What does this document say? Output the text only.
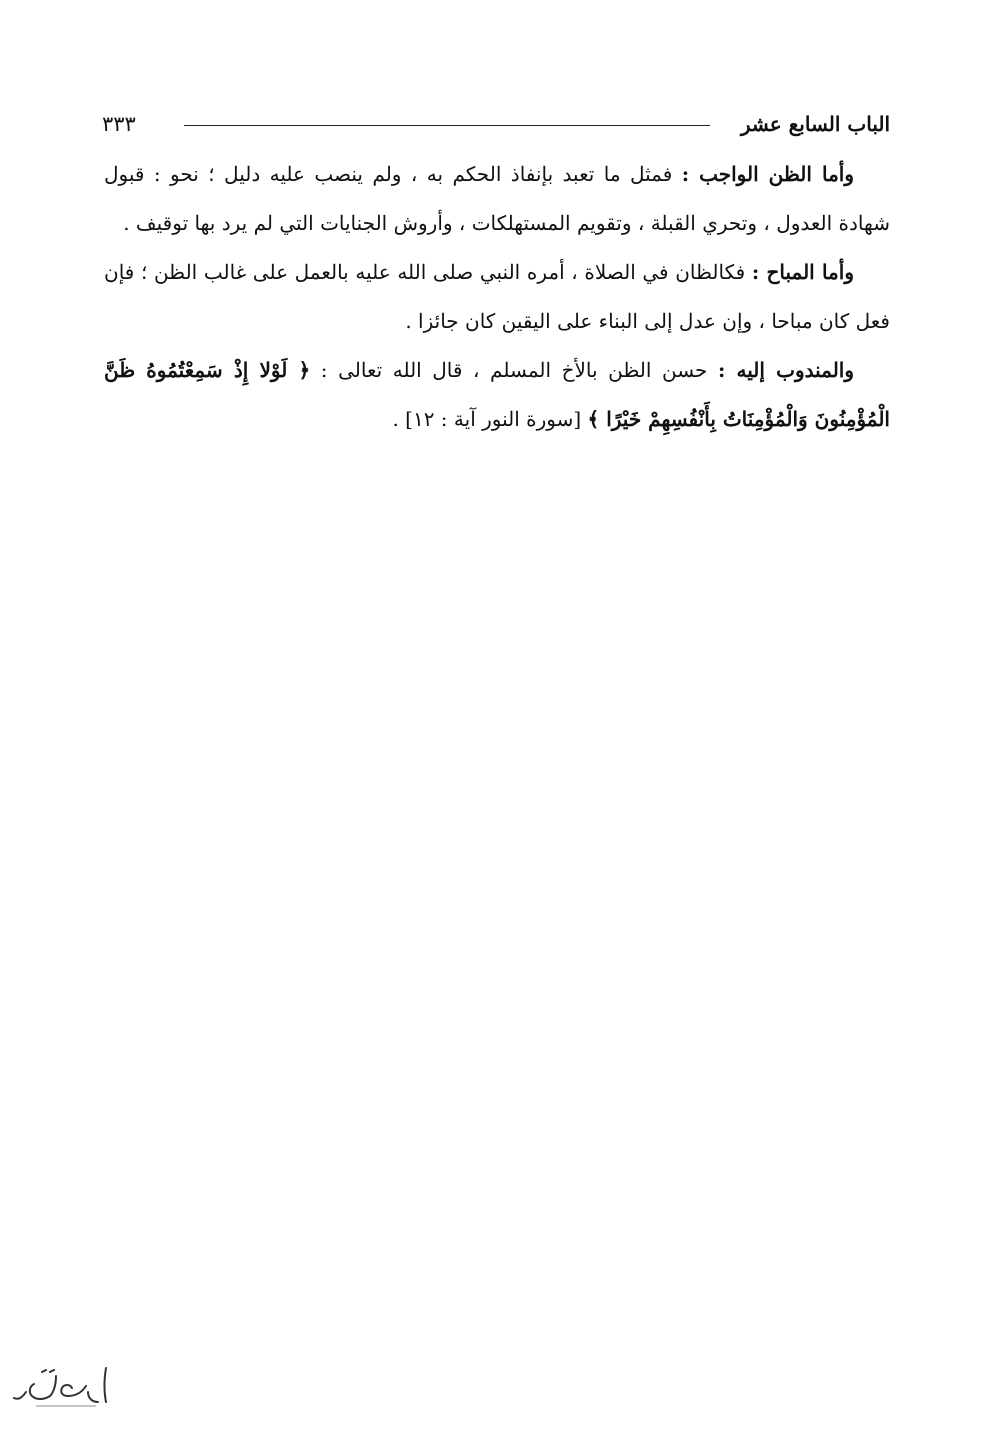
الباب السابع عشر
٣٣٣

وأما الظن الواجب : فمثل ما تعبد بإنفاذ الحكم به ، ولم ينصب عليه دليل ؛ نحو : قبول شهادة العدول ، وتحري القبلة ، وتقويم المستهلكات ، وأروش الجنايات التي لم يرد بها توقيف .

وأما المباح : فكالظان في الصلاة ، أمره النبي صلى الله عليه بالعمل على غالب الظن ؛ فإن فعل كان مباحا ، وإن عدل إلى البناء على اليقين كان جائزا .

والمندوب إليه : حسن الظن بالأخ المسلم ، قال الله تعالى : ﴿ لَوْلا إِذْ سَمِعْتُمُوهُ ظَنَّ الْمُؤْمِنُونَ وَالْمُؤْمِنَاتُ بِأَنْفُسِهِمْ خَيْرًا ﴾ [سورة النور آية : ١٢] .
